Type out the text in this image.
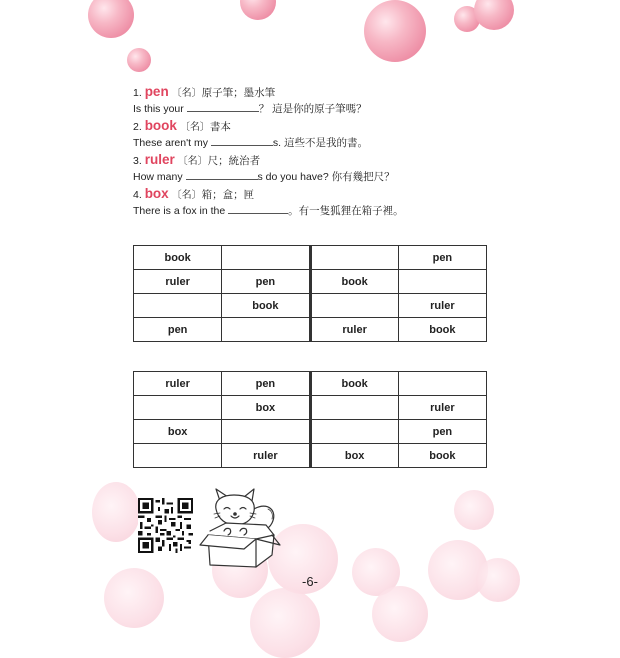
1. pen 〔名〕原子筆；墨水筆
Is this your	？ 這是你的原子筆嗎？
2. book 〔名〕書本
These aren't my	s. 這些不是我的書。
3. ruler 〔名〕尺；統治者
How many	s do you have? 你有幾把尺？
4. box 〔名〕箱；盒；匣
There is a fox in the	。有一隻狐狸在箱子裡。
book			pen
ruler	pen	book	
	book		ruler
pen		ruler	book
ruler	pen	book	
	box		ruler
box			pen
	ruler	box	book
-6-
